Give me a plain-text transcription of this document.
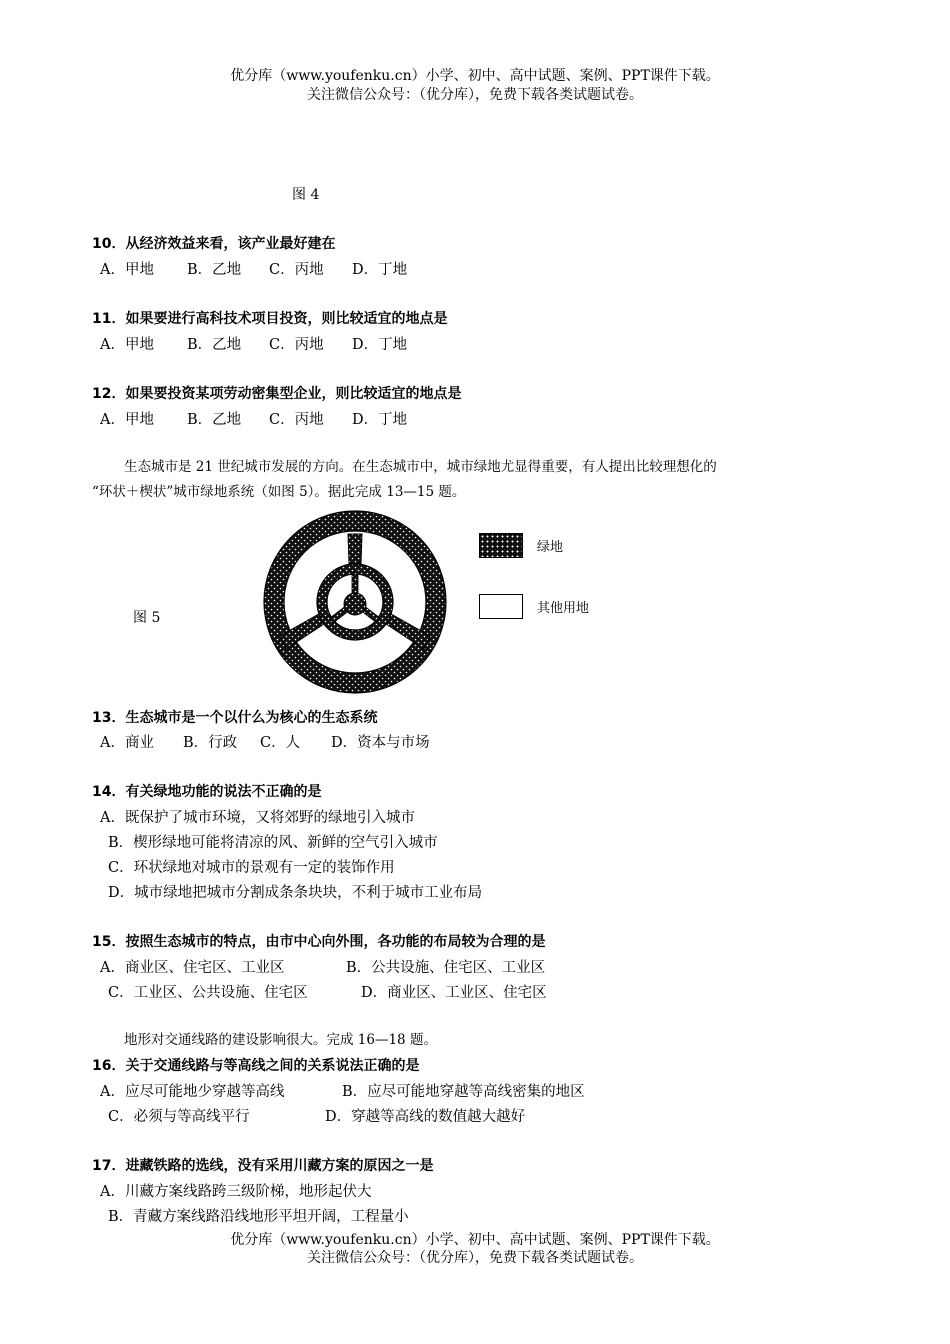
优分库（www.youfenku.cn）小学、初中、高中试题、案例、PPT课件下载。
关注微信公众号：（优分库），免费下载各类试题试卷。
图 4
10．从经济效益来看，该产业最好建在
A．甲地 B．乙地 C．丙地 D．丁地
11．如果要进行高科技术项目投资，则比较适宜的地点是
A．甲地 B．乙地 C．丙地 D．丁地
12．如果要投资某项劳动密集型企业，则比较适宜的地点是
A．甲地 B．乙地 C．丙地 D．丁地
生态城市是 21 世纪城市发展的方向。在生态城市中，城市绿地尤显得重要，有人提出比较理想化的
“环状＋楔状”城市绿地系统（如图 5）。据此完成 13—15 题。
图 5
绿地
其他用地
13．生态城市是一个以什么为核心的生态系统
A．商业 B．行政 C．人 D．资本与市场
14．有关绿地功能的说法不正确的是
A．既保护了城市环境，又将郊野的绿地引入城市
B．楔形绿地可能将清凉的风、新鲜的空气引入城市
C．环状绿地对城市的景观有一定的装饰作用
D．城市绿地把城市分割成条条块块，不利于城市工业布局
15．按照生态城市的特点，由市中心向外围，各功能的布局较为合理的是
A．商业区、住宅区、工业区	B．公共设施、住宅区、工业区
C．工业区、公共设施、住宅区	D．商业区、工业区、住宅区
地形对交通线路的建设影响很大。完成 16—18 题。
16．关于交通线路与等高线之间的关系说法正确的是
A．应尽可能地少穿越等高线	B．应尽可能地穿越等高线密集的地区
C．必须与等高线平行	D．穿越等高线的数值越大越好
17．进藏铁路的选线，没有采用川藏方案的原因之一是
A．川藏方案线路跨三级阶梯，地形起伏大
B．青藏方案线路沿线地形平坦开阔，工程量小
优分库（www.youfenku.cn）小学、初中、高中试题、案例、PPT课件下载。
关注微信公众号：（优分库），免费下载各类试题试卷。
